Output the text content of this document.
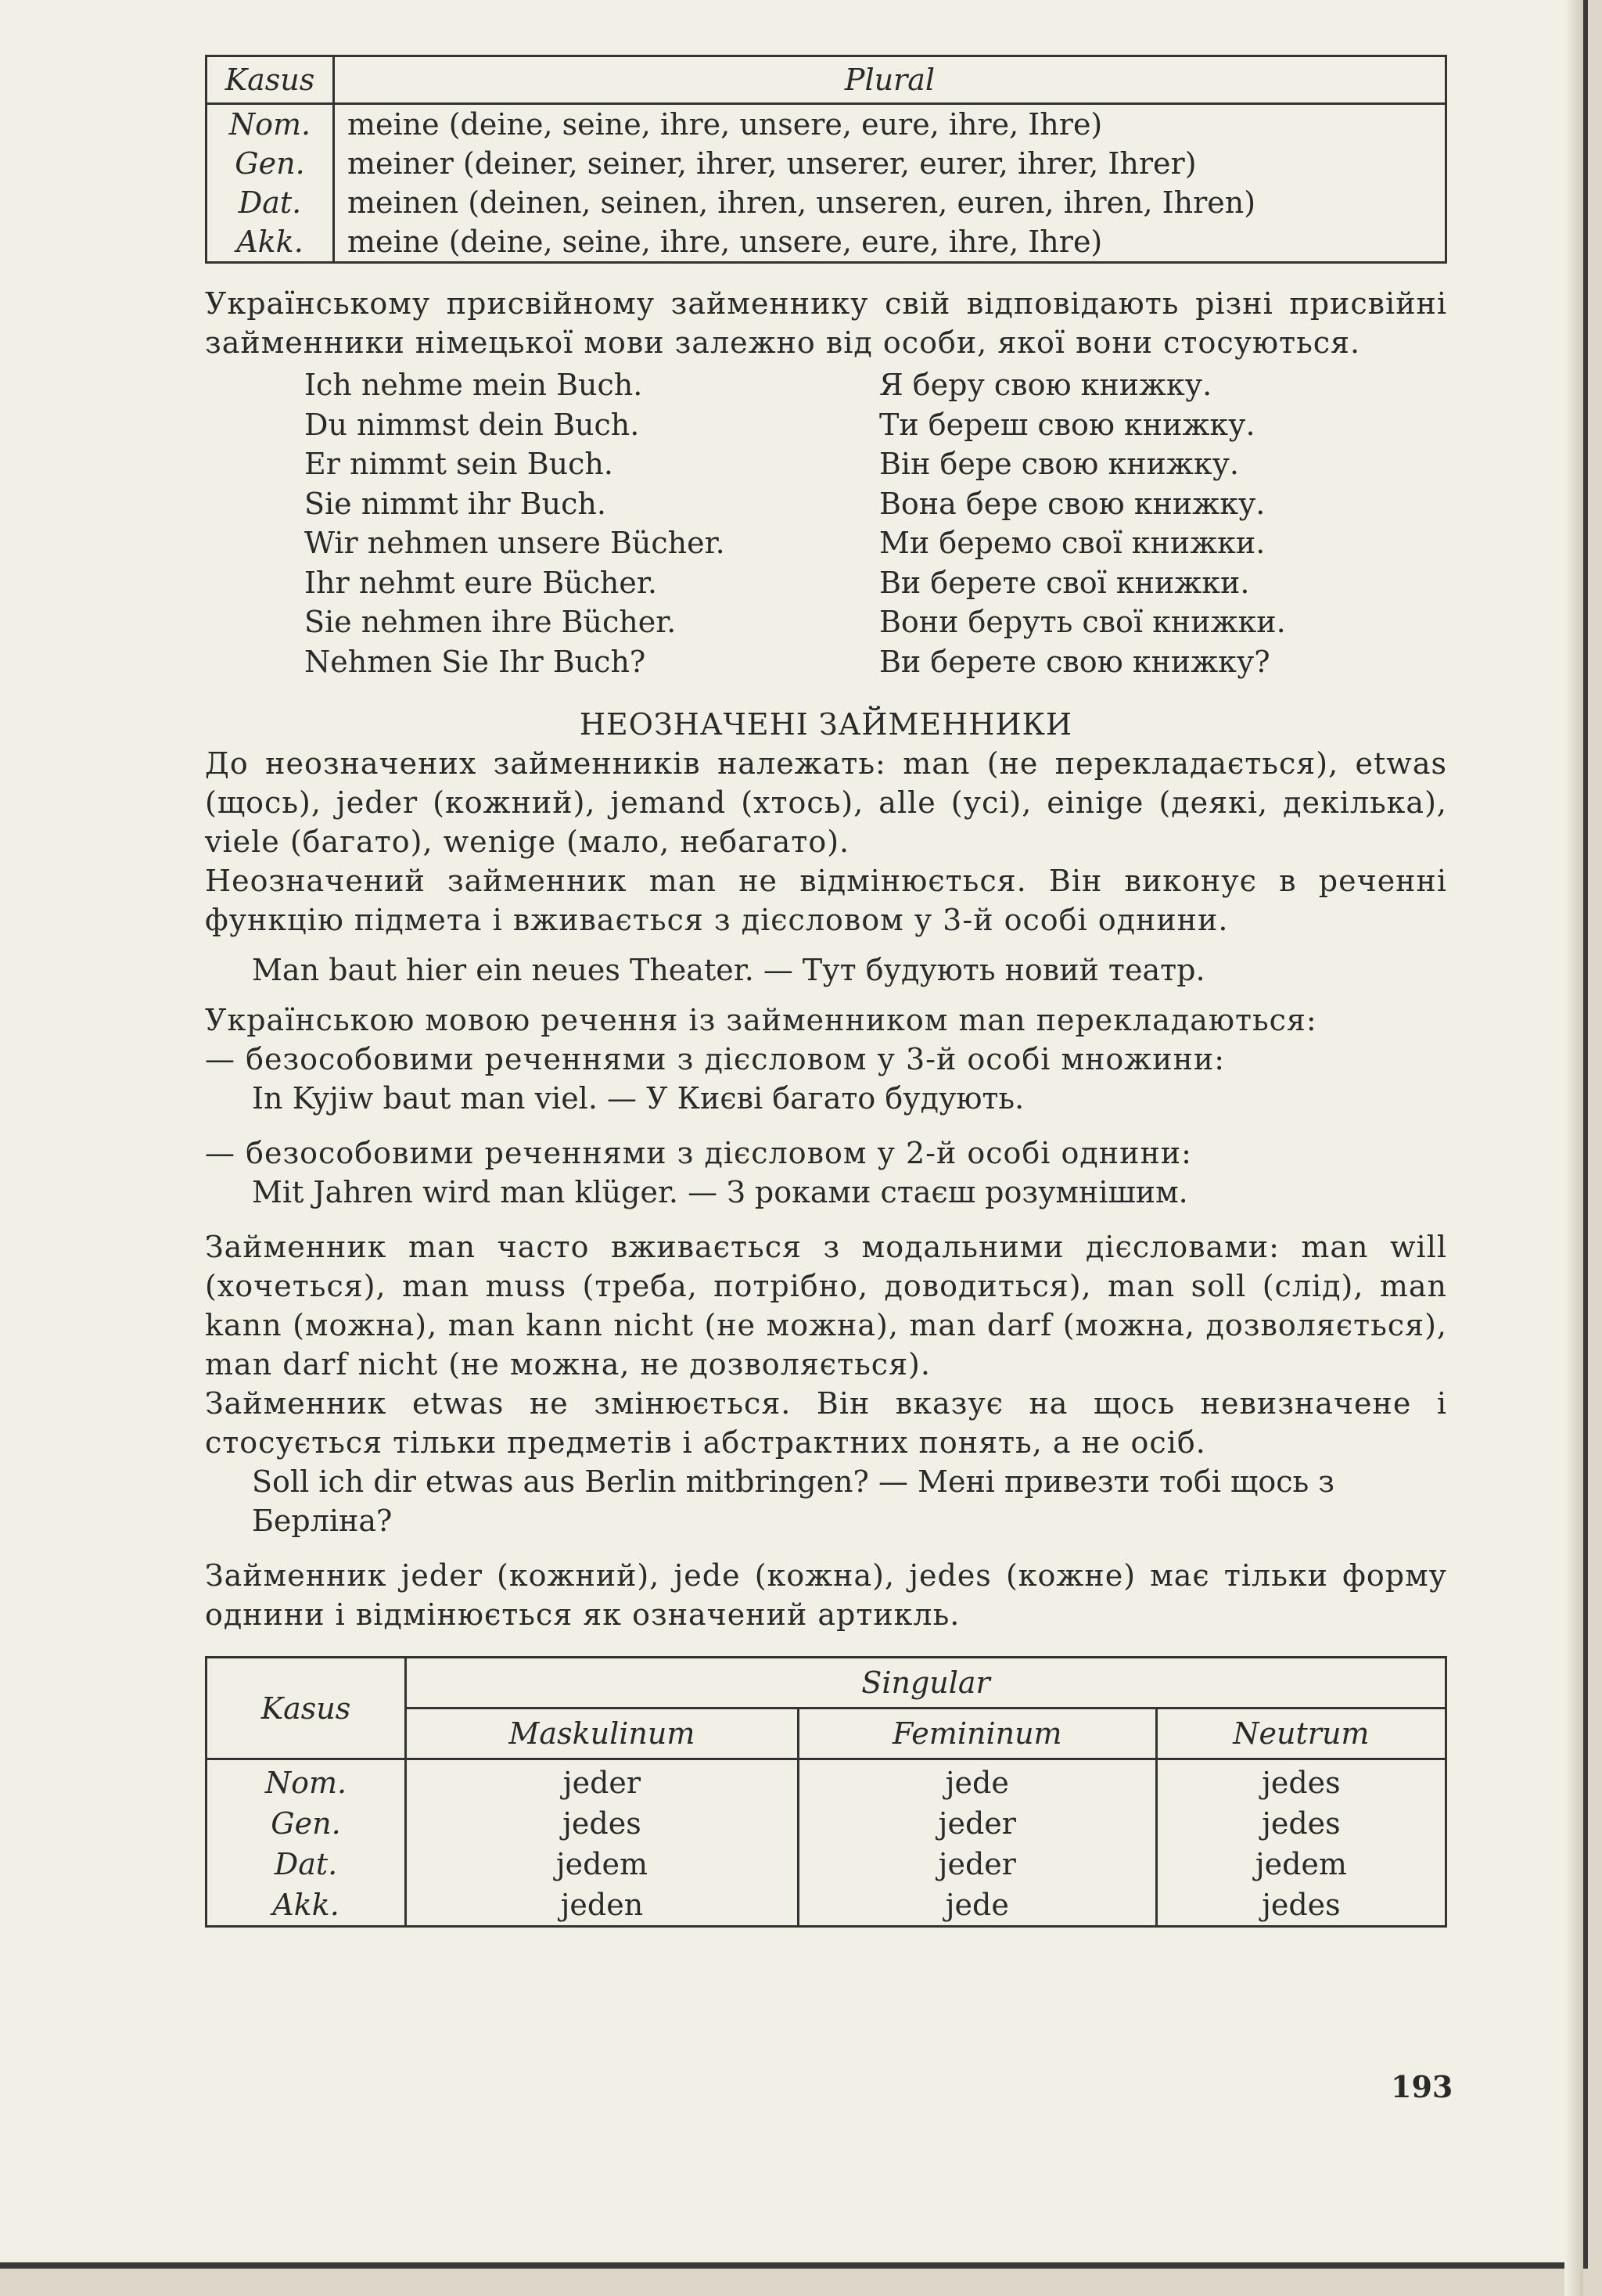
Kasus	Plural
Nom.	meine (deine, seine, ihre, unsere, eure, ihre, Ihre)
Gen.	meiner (deiner, seiner, ihrer, unserer, eurer, ihrer, Ihrer)
Dat.	meinen (deinen, seinen, ihren, unseren, euren, ihren, Ihren)
Akk.	meine (deine, seine, ihre, unsere, eure, ihre, Ihre)

Українському присвійному займеннику свій відповідають різні присвійні займенники німецької мови залежно від особи, якої вони стосуються.

Ich nehme mein Buch.	Я беру свою книжку.
Du nimmst dein Buch.	Ти береш свою книжку.
Er nimmt sein Buch.	Він бере свою книжку.
Sie nimmt ihr Buch.	Вона бере свою книжку.
Wir nehmen unsere Bücher.	Ми беремо свої книжки.
Ihr nehmt eure Bücher.	Ви берете свої книжки.
Sie nehmen ihre Bücher.	Вони беруть свої книжки.
Nehmen Sie Ihr Buch?	Ви берете свою книжку?

НЕОЗНАЧЕНІ ЗАЙМЕННИКИ

До неозначених займенників належать: man (не перекладається), etwas (щось), jeder (кожний), jemand (хтось), alle (усі), einige (деякі, декілька), viele (багато), wenige (мало, небагато).

Неозначений займенник man не відмінюється. Він виконує в реченні функцію підмета і вживається з дієсловом у 3-й особі однини.

Man baut hier ein neues Theater. — Тут будують новий театр.

Українською мовою речення із займенником man перекладаються:

— безособовими реченнями з дієсловом у 3-й особі множини:

In Kyjiw baut man viel. — У Києві багато будують.

— безособовими реченнями з дієсловом у 2-й особі однини:

Mit Jahren wird man klüger. — З роками стаєш розумнішим.

Займенник man часто вживається з модальними дієсловами: man will (хочеться), man muss (треба, потрібно, доводиться), man soll (слід), man kann (можна), man kann nicht (не можна), man darf (можна, дозволяється), man darf nicht (не можна, не дозволяється).

Займенник etwas не змінюється. Він вказує на щось невизначене і стосується тільки предметів і абстрактних понять, а не осіб.

Soll ich dir etwas aus Berlin mitbringen? — Мені привезти тобі щось з Берліна?

Займенник jeder (кожний), jede (кожна), jedes (кожне) має тільки форму однини і відмінюється як означений артикль.

Kasus	Singular		
	Maskulinum	Femininum	Neutrum
Nom.	jeder	jede	jedes
Gen.	jedes	jeder	jedes
Dat.	jedem	jeder	jedem
Akk.	jeden	jede	jedes
193
